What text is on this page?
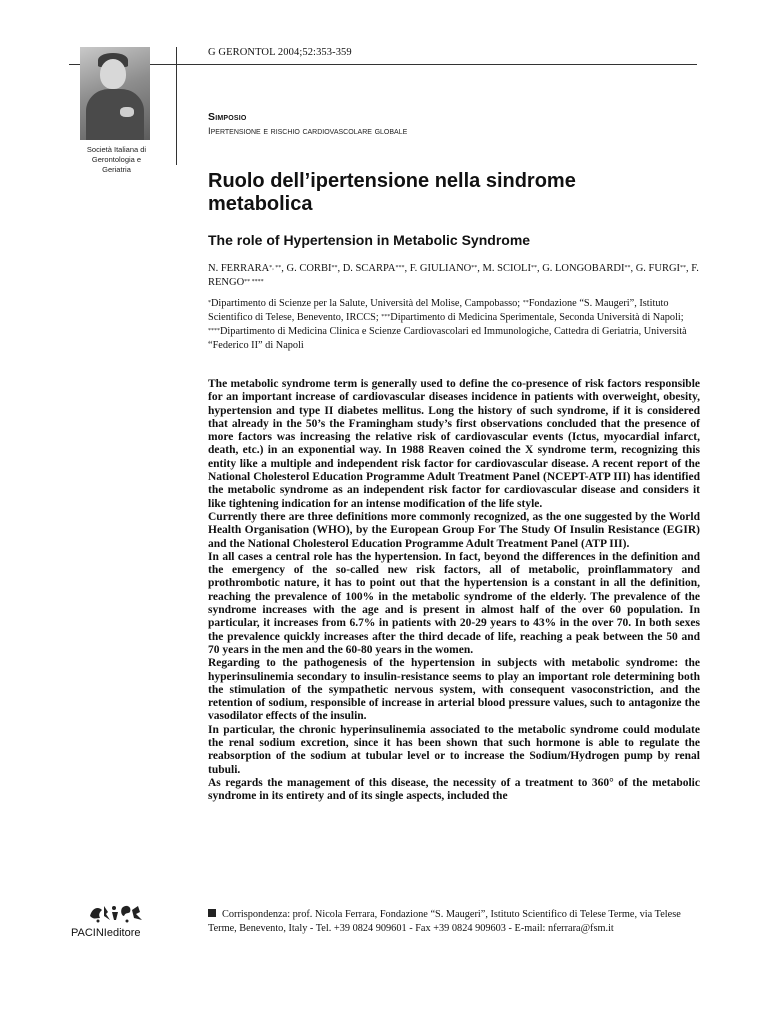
G GERONTOL 2004;52:353-359
Società Italiana di Gerontologia e Geriatria
Simposio
Ipertensione e rischio cardiovascolare globale
Ruolo dell’ipertensione nella sindrome metabolica
The role of Hypertension in Metabolic Syndrome
N. FERRARA*, **, G. CORBI**, D. SCARPA***, F. GIULIANO**, M. SCIOLI**, G. LONGOBARDI**, G. FURGI**, F. RENGO** ****
*Dipartimento di Scienze per la Salute, Università del Molise, Campobasso; **Fondazione “S. Maugeri”, Istituto Scientifico di Telese, Benevento, IRCCS; ***Dipartimento di Medicina Sperimentale, Seconda Università di Napoli; ****Dipartimento di Medicina Clinica e Scienze Cardiovascolari ed Immunologiche, Cattedra di Geriatria, Università “Federico II” di Napoli

The metabolic syndrome term is generally used to define the co-presence of risk factors responsible for an important increase of cardiovascular diseases incidence in patients with overweight, obesity, hypertension and type II diabetes mellitus. Long the history of such syndrome, if it is considered that already in the 50’s the Framingham study’s first observations concluded that the presence of more factors was increasing the relative risk of cardiovascular events (Ictus, myocardial infarct, death, etc.) in an exponential way. In 1988 Reaven coined the X syndrome term, recognizing this entity like a multiple and independent risk factor for cardiovascular disease. A recent report of the National Cholesterol Education Programme Adult Treatment Panel (NCEPT-ATP III) has identified the metabolic syndrome as an independent risk factor for cardiovascular disease and considers it like tightening indication for an intense modification of the life style.

Currently there are three definitions more commonly recognized, as the one suggested by the World Health Organisation (WHO), by the European Group For The Study Of Insulin Resistance (EGIR) and the National Cholesterol Education Programme Adult Treatment Panel (ATP III).

In all cases a central role has the hypertension. In fact, beyond the differences in the definition and the emergency of the so-called new risk factors, all of metabolic, proinflammatory and prothrombotic nature, it has to point out that the hypertension is a constant in all the definition, reaching the prevalence of 100% in the metabolic syndrome of the elderly. The prevalence of the syndrome increases with the age and is present in almost half of the over 60 population. In particular, it increases from 6.7% in patients with 20-29 years to 43% in the over 70. In both sexes the prevalence quickly increases after the third decade of life, reaching a peak between the 50 and 70 years in the men and the 60-80 years in the women.

Regarding to the pathogenesis of the hypertension in subjects with metabolic syndrome: the hyperinsulinemia secondary to insulin-resistance seems to play an important role determining both the stimulation of the sympathetic nervous system, with consequent vasoconstriction, and the retention of sodium, responsible of increase in arterial blood pressure values, such to antagonize the vasodilator effects of the insulin.

In particular, the chronic hyperinsulinemia associated to the metabolic syndrome could modulate the renal sodium excretion, since it has been shown that such hormone is able to regulate the reabsorption of the sodium at tubular level or to increase the Sodium/Hydrogen pump by renal tubuli.

As regards the management of this disease, the necessity of a treatment to 360° of the metabolic syndrome in its entirety and of its single aspects, included the

PACINIeditore
Corrispondenza: prof. Nicola Ferrara, Fondazione “S. Maugeri”, Istituto Scientifico di Telese Terme, via Telese Terme, Benevento, Italy - Tel. +39 0824 909601 - Fax +39 0824 909603 - E-mail: nferrara@fsm.it
